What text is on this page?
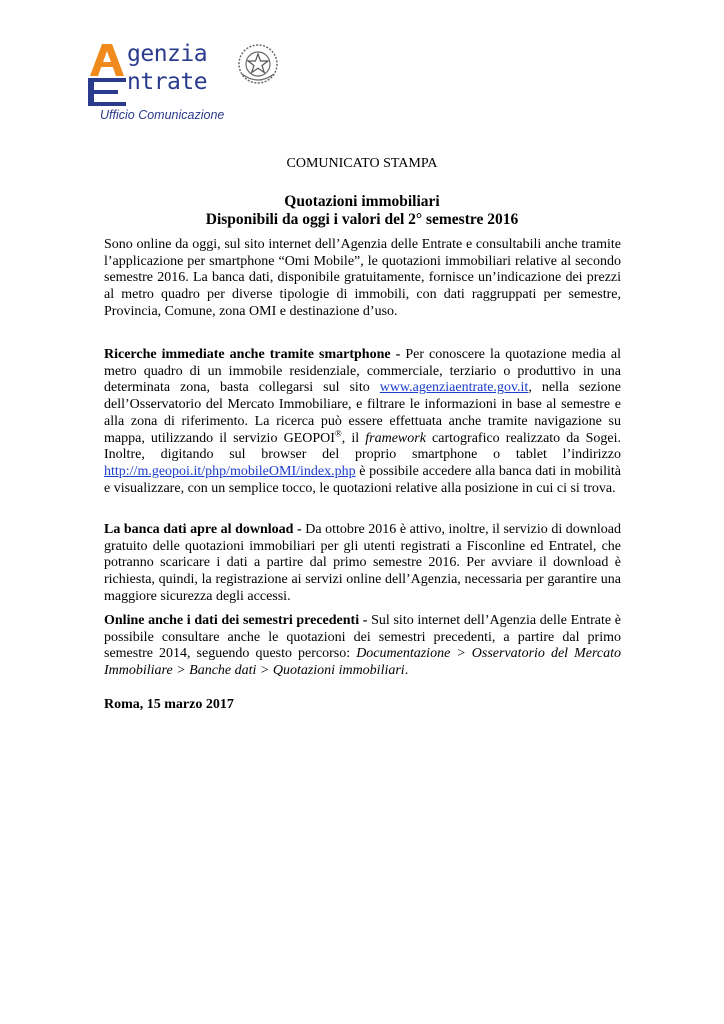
genzia
ntrate
Ufficio Comunicazione
COMUNICATO STAMPA
Quotazioni immobiliari
Disponibili da oggi i valori del 2° semestre 2016

Sono online da oggi, sul sito internet dell’Agenzia delle Entrate e consultabili anche tramite l’applicazione per smartphone “Omi Mobile”, le quotazioni immobiliari relative al secondo semestre 2016. La banca dati, disponibile gratuitamente, fornisce un’indicazione dei prezzi al metro quadro per diverse tipologie di immobili, con dati raggruppati per semestre, Provincia, Comune, zona OMI e destinazione d’uso.

Ricerche immediate anche tramite smartphone - Per conoscere la quotazione media al metro quadro di un immobile residenziale, commerciale, terziario o produttivo in una determinata zona, basta collegarsi sul sito www.agenziaentrate.gov.it, nella sezione dell’Osservatorio del Mercato Immobiliare, e filtrare le informazioni in base al semestre e alla zona di riferimento. La ricerca può essere effettuata anche tramite navigazione su mappa, utilizzando il servizio GEOPOI®, il framework cartografico realizzato da Sogei. Inoltre, digitando sul browser del proprio smartphone o tablet l’indirizzo http://m.geopoi.it/php/mobileOMI/index.php è possibile accedere alla banca dati in mobilità e visualizzare, con un semplice tocco, le quotazioni relative alla posizione in cui ci si trova.

La banca dati apre al download - Da ottobre 2016 è attivo, inoltre, il servizio di download gratuito delle quotazioni immobiliari per gli utenti registrati a Fisconline ed Entratel, che potranno scaricare i dati a partire dal primo semestre 2016. Per avviare il download è richiesta, quindi, la registrazione ai servizi online dell’Agenzia, necessaria per garantire una maggiore sicurezza degli accessi.

Online anche i dati dei semestri precedenti - Sul sito internet dell’Agenzia delle Entrate è possibile consultare anche le quotazioni dei semestri precedenti, a partire dal primo semestre 2014, seguendo questo percorso: Documentazione > Osservatorio del Mercato Immobiliare > Banche dati > Quotazioni immobiliari.

Roma, 15 marzo 2017
